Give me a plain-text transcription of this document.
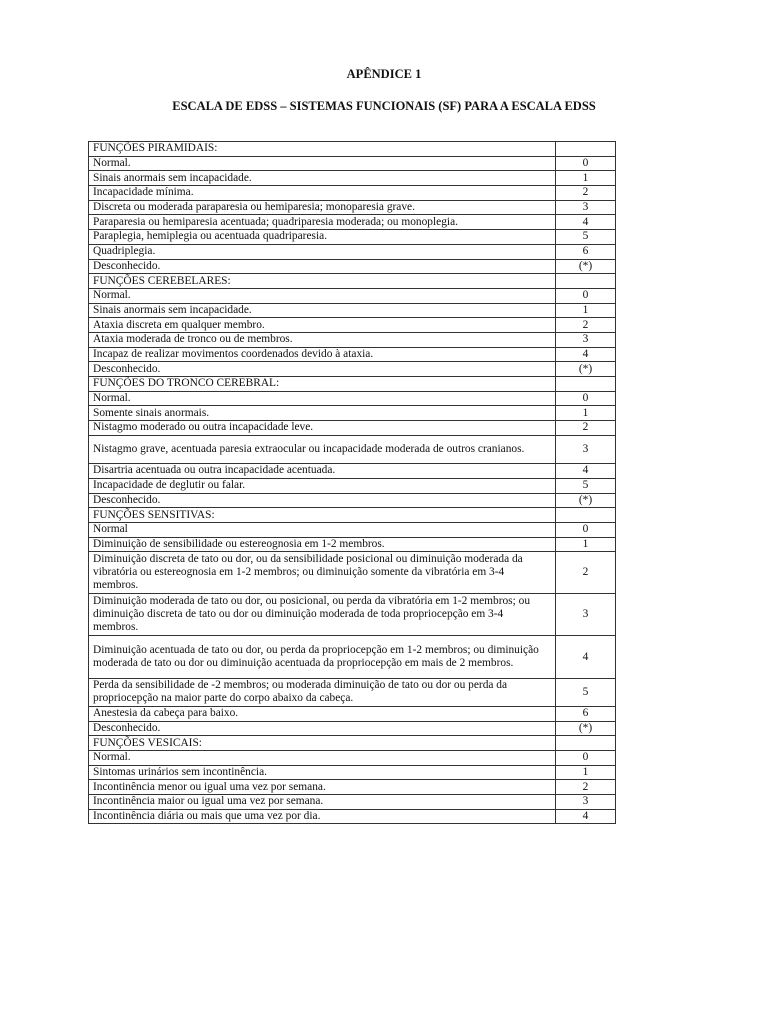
APÊNDICE 1
ESCALA DE EDSS – SISTEMAS FUNCIONAIS (SF) PARA A ESCALA EDSS
FUNÇÕES PIRAMIDAIS:	
Normal.	0
Sinais anormais sem incapacidade.	1
Incapacidade mínima.	2
Discreta ou moderada paraparesia ou hemiparesia; monoparesia grave.	3
Paraparesia ou hemiparesia acentuada; quadriparesia moderada; ou monoplegia.	4
Paraplegia, hemiplegia ou acentuada quadriparesia.	5
Quadriplegia.	6
Desconhecido.	(*)
FUNÇÕES CEREBELARES:	
Normal.	0
Sinais anormais sem incapacidade.	1
Ataxia discreta em qualquer membro.	2
Ataxia moderada de tronco ou de membros.	3
Incapaz de realizar movimentos coordenados devido à ataxia.	4
Desconhecido.	(*)
FUNÇÕES DO TRONCO CEREBRAL:	
Normal.	0
Somente sinais anormais.	1
Nistagmo moderado ou outra incapacidade leve.	2
Nistagmo grave, acentuada paresia extraocular ou incapacidade moderada de outros cranianos.	3
Disartria acentuada ou outra incapacidade acentuada.	4
Incapacidade de deglutir ou falar.	5
Desconhecido.	(*)
FUNÇÕES SENSITIVAS:	
Normal	0
Diminuição de sensibilidade ou estereognosia em 1-2 membros.	1
Diminuição discreta de tato ou dor, ou da sensibilidade posicional ou diminuição moderada da vibratória ou estereognosia em 1-2 membros; ou diminuição somente da vibratória em 3-4 membros.	2
Diminuição moderada de tato ou dor, ou posicional, ou perda da vibratória em 1-2 membros; ou diminuição discreta de tato ou dor ou diminuição moderada de toda propriocepção em 3-4 membros.	3
Diminuição acentuada de tato ou dor, ou perda da propriocepção em 1-2 membros; ou diminuição moderada de tato ou dor ou diminuição acentuada da propriocepção em mais de 2 membros.	4
Perda da sensibilidade de -2 membros; ou moderada diminuição de tato ou dor ou perda da propriocepção na maior parte do corpo abaixo da cabeça.	5
Anestesia da cabeça para baixo.	6
Desconhecido.	(*)
FUNÇÕES VESICAIS:	
Normal.	0
Sintomas urinários sem incontinência.	1
Incontinência menor ou igual uma vez por semana.	2
Incontinência maior ou igual uma vez por semana.	3
Incontinência diária ou mais que uma vez por dia.	4
